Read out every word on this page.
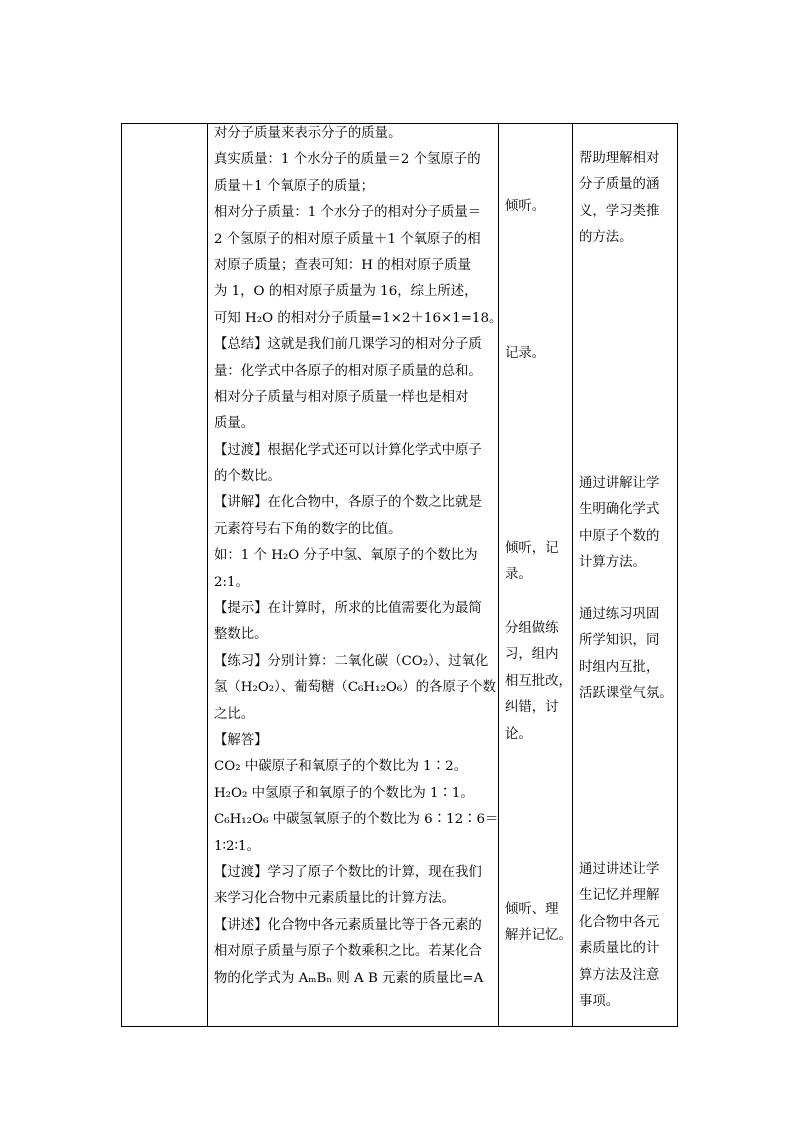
对分子质量来表示分子的质量。
真实质量：1 个水分子的质量＝2 个氢原子的
质量＋1 个氧原子的质量；
相对分子质量：1 个水分子的相对分子质量＝
2 个氢原子的相对原子质量＋1 个氧原子的相
对原子质量；查表可知：H 的相对原子质量
为 1，O 的相对原子质量为 16，综上所述，
可知 H₂O 的相对分子质量=1×2＋16×1=18。
【总结】这就是我们前几课学习的相对分子质
量：化学式中各原子的相对原子质量的总和。
相对分子质量与相对原子质量一样也是相对
质量。
【过渡】根据化学式还可以计算化学式中原子
的个数比。
【讲解】在化合物中，各原子的个数之比就是
元素符号右下角的数字的比值。
如：1 个 H₂O 分子中氢、氧原子的个数比为
2:1。
【提示】在计算时，所求的比值需要化为最简
整数比。
【练习】分别计算：二氧化碳（CO₂）、过氧化
氢（H₂O₂）、葡萄糖（C₆H₁₂O₆）的各原子个数
之比。
【解答】
CO₂ 中碳原子和氧原子的个数比为 1∶2。
H₂O₂ 中氢原子和氧原子的个数比为 1∶1。
C₆H₁₂O₆ 中碳氢氧原子的个数比为 6∶12∶6＝
1∶2∶1。
【过渡】学习了原子个数比的计算，现在我们
来学习化合物中元素质量比的计算方法。
【讲述】化合物中各元素质量比等于各元素的
相对原子质量与原子个数乘积之比。若某化合
物的化学式为 AₘBₙ 则 A B 元素的质量比=A
倾听。
记录。
倾听，记
录。
分组做练
习，组内
相互批改，
纠错，讨
论。
倾听、理
解并记忆。
帮助理解相对
分子质量的涵
义，学习类推
的方法。
通过讲解让学
生明确化学式
中原子个数的
计算方法。
通过练习巩固
所学知识，同
时组内互批，
活跃课堂气氛。
通过讲述让学
生记忆并理解
化合物中各元
素质量比的计
算方法及注意
事项。
